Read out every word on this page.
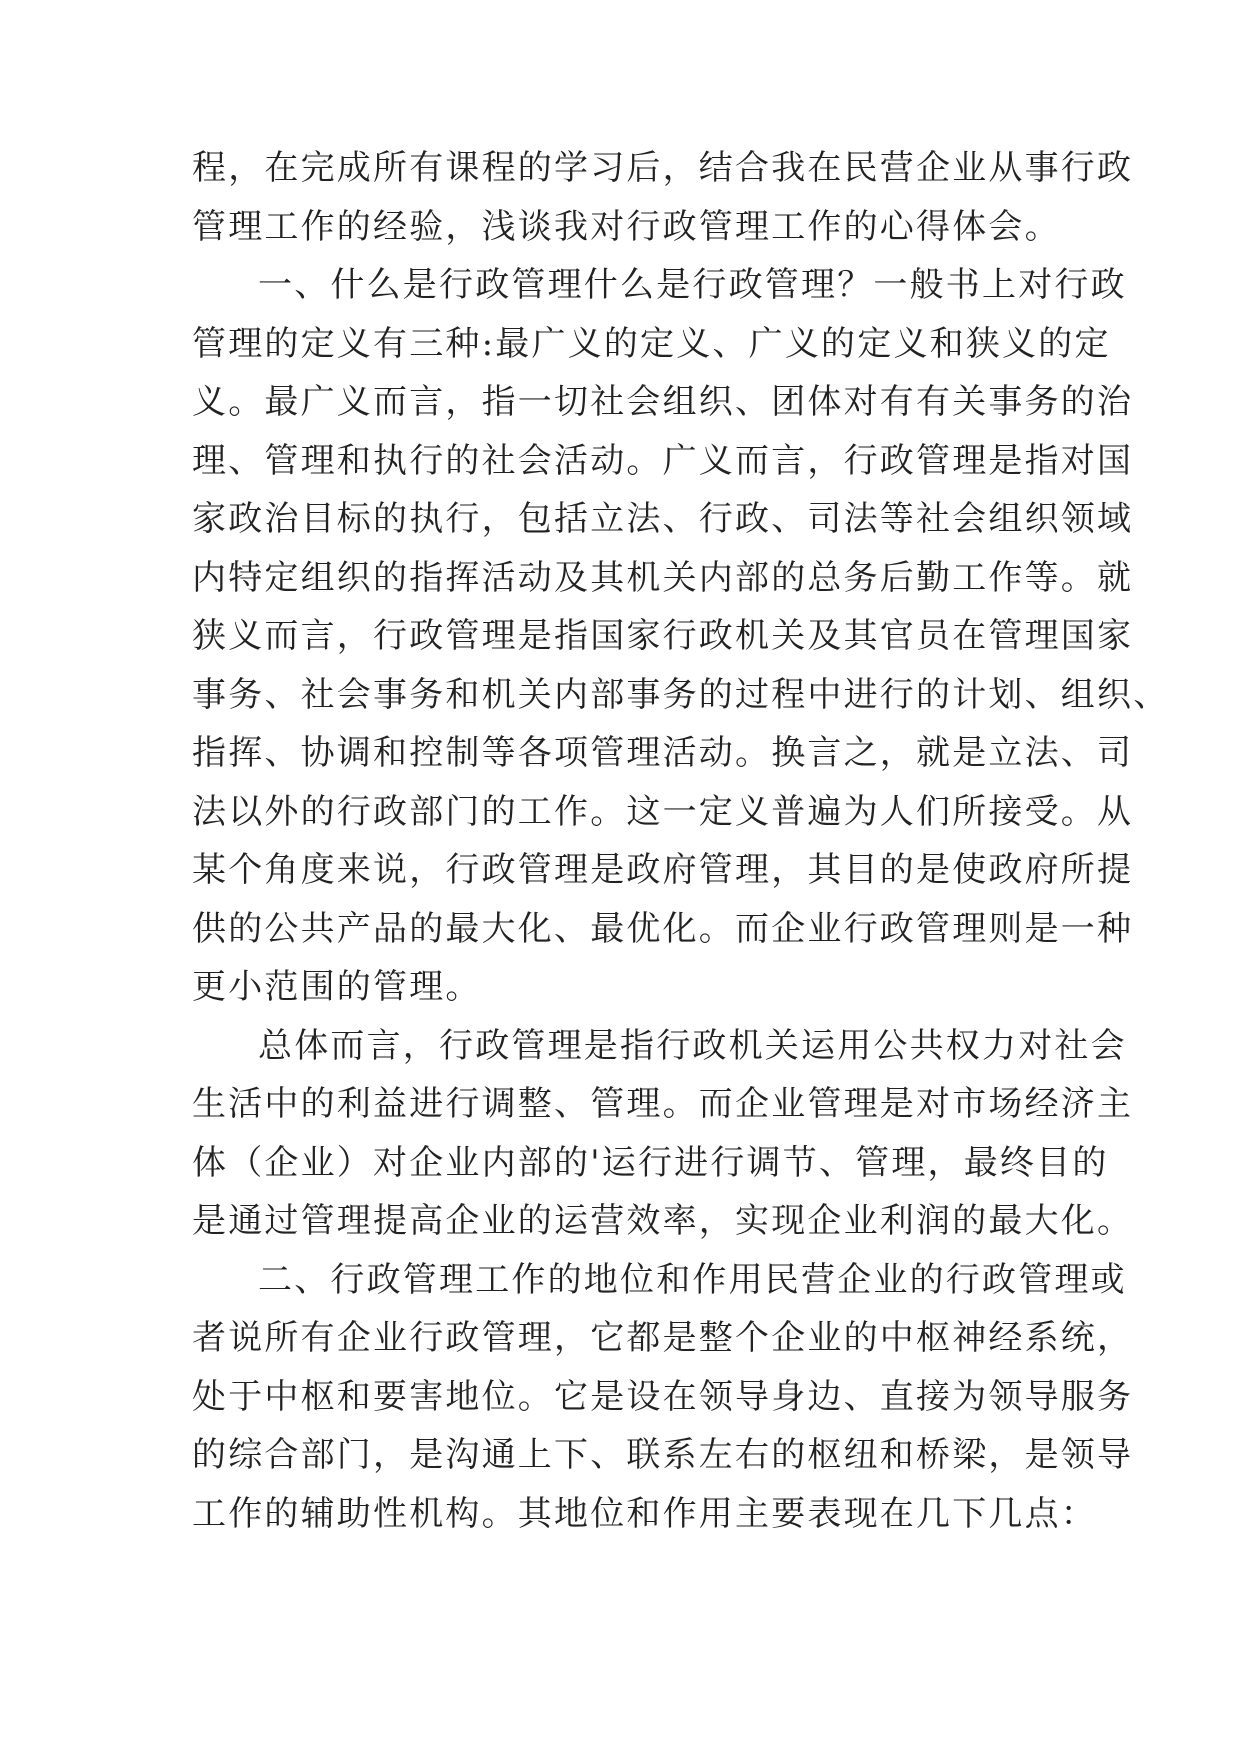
程，在完成所有课程的学习后，结合我在民营企业从事行政
管理工作的经验，浅谈我对行政管理工作的心得体会。
一、什么是行政管理什么是行政管理？一般书上对行政
管理的定义有三种:最广义的定义、广义的定义和狭义的定
义。最广义而言，指一切社会组织、团体对有有关事务的治
理、管理和执行的社会活动。广义而言，行政管理是指对国
家政治目标的执行，包括立法、行政、司法等社会组织领域
内特定组织的指挥活动及其机关内部的总务后勤工作等。就
狭义而言，行政管理是指国家行政机关及其官员在管理国家
事务、社会事务和机关内部事务的过程中进行的计划、组织、
指挥、协调和控制等各项管理活动。换言之，就是立法、司
法以外的行政部门的工作。这一定义普遍为人们所接受。从
某个角度来说，行政管理是政府管理，其目的是使政府所提
供的公共产品的最大化、最优化。而企业行政管理则是一种
更小范围的管理。
总体而言，行政管理是指行政机关运用公共权力对社会
生活中的利益进行调整、管理。而企业管理是对市场经济主
体（企业）对企业内部的'运行进行调节、管理，最终目的
是通过管理提高企业的运营效率，实现企业利润的最大化。
二、行政管理工作的地位和作用民营企业的行政管理或
者说所有企业行政管理，它都是整个企业的中枢神经系统，
处于中枢和要害地位。它是设在领导身边、直接为领导服务
的综合部门，是沟通上下、联系左右的枢纽和桥梁，是领导
工作的辅助性机构。其地位和作用主要表现在几下几点：
